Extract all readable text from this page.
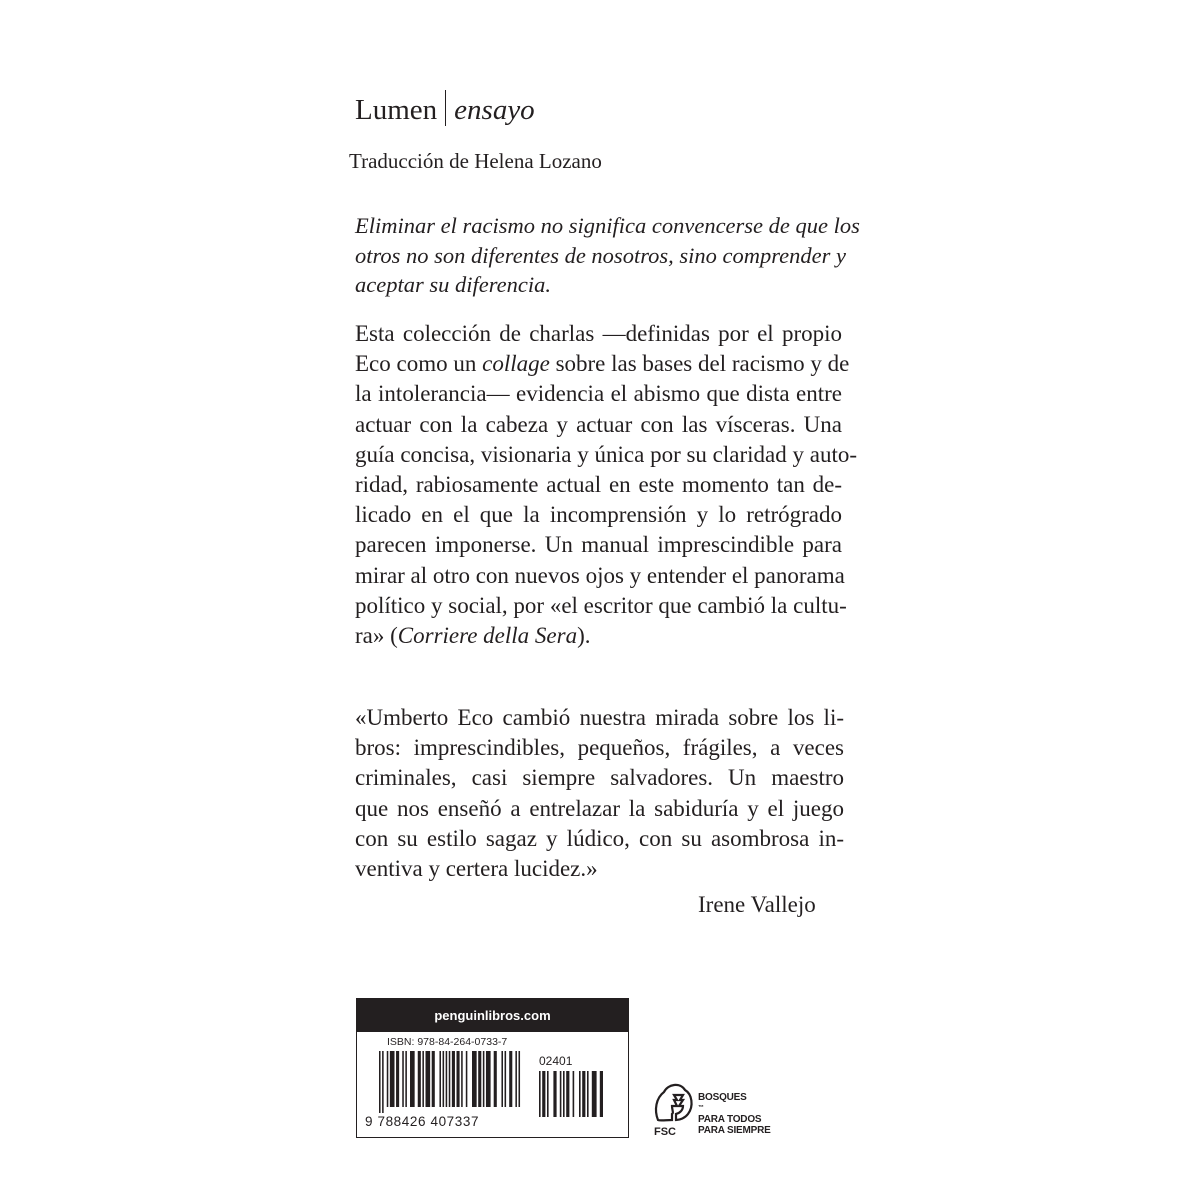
Lumen ensayo
Traducción de Helena Lozano

Eliminar el racismo no significa convencerse de que los
otros no son diferentes de nosotros, sino comprender y
aceptar su diferencia.

Esta colección de charlas —definidas por el propio
Eco como un collage sobre las bases del racismo y de
la intolerancia— evidencia el abismo que dista entre
actuar con la cabeza y actuar con las vísceras. Una
guía concisa, visionaria y única por su claridad y auto-
ridad, rabiosamente actual en este momento tan de-
licado en el que la incomprensión y lo retrógrado
parecen imponerse. Un manual imprescindible para
mirar al otro con nuevos ojos y entender el panorama
político y social, por «el escritor que cambió la cultu-
ra» (Corriere della Sera).

«Umberto Eco cambió nuestra mirada sobre los li-
bros: imprescindibles, pequeños, frágiles, a veces
criminales, casi siempre salvadores. Un maestro
que nos enseñó a entrelazar la sabiduría y el juego
con su estilo sagaz y lúdico, con su asombrosa in-
ventiva y certera lucidez.»

Irene Vallejo
penguinlibros.com
ISBN: 978-84-264-0733-7
02401
9 788426 407337
FSC
BOSQUES
™
PARA TODOS
PARA SIEMPRE
